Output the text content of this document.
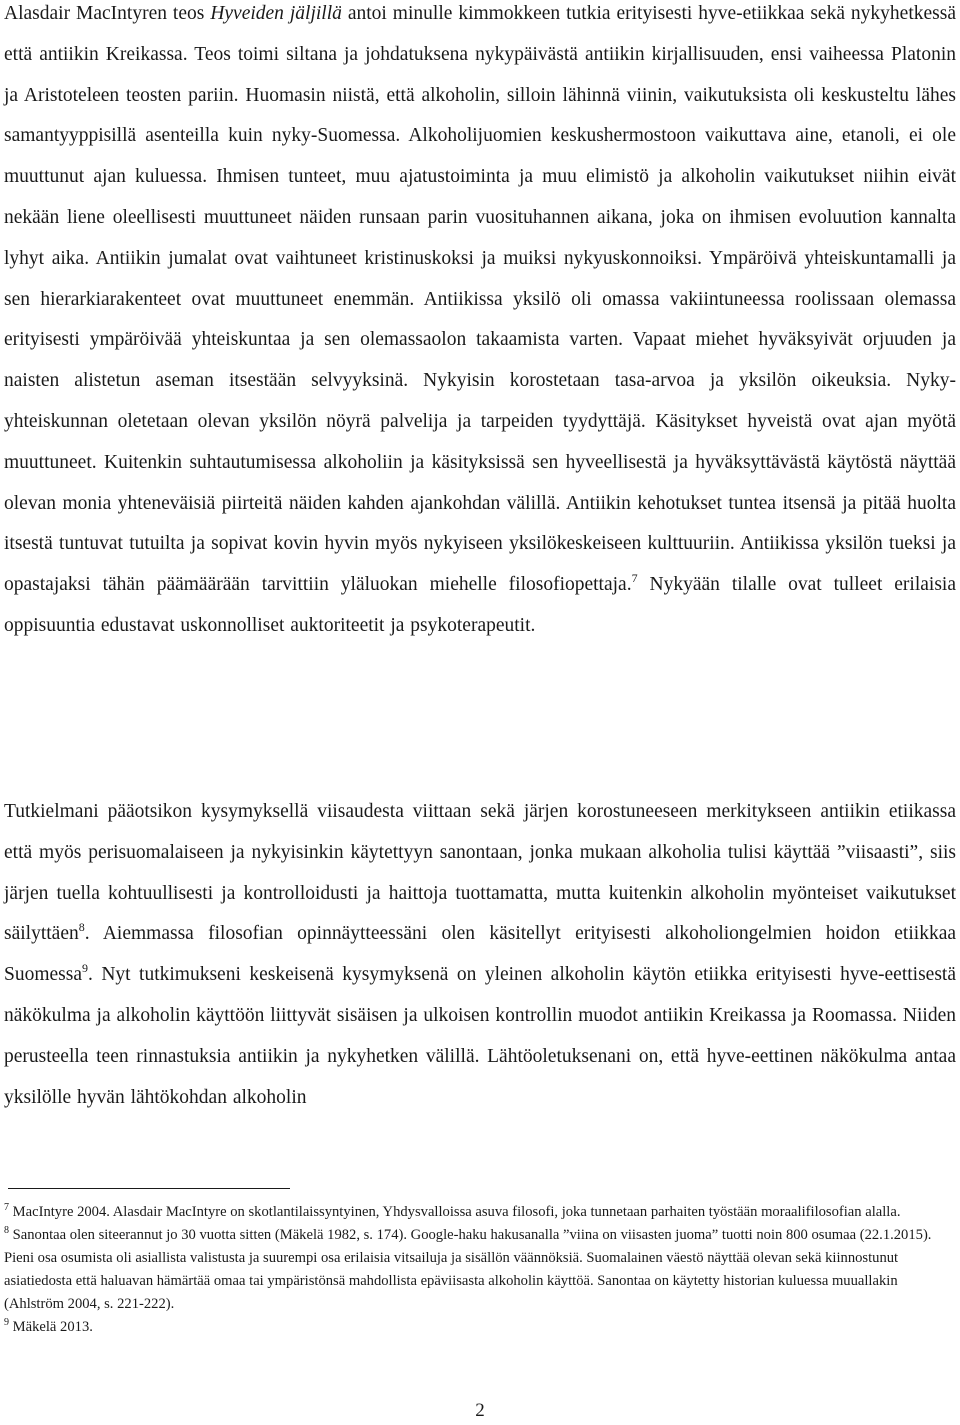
Alasdair MacIntyren teos Hyveiden jäljillä antoi minulle kimmokkeen tutkia erityisesti hyve-etiikkaa sekä nykyhetkessä että antiikin Kreikassa. Teos toimi siltana ja johdatuksena nykypäivästä antiikin kirjallisuuden, ensi vaiheessa Platonin ja Aristoteleen teosten pariin. Huomasin niistä, että alkoholin, silloin lähinnä viinin, vaikutuksista oli keskusteltu lähes samantyyppisillä asenteilla kuin nyky-Suomessa. Alkoholijuomien keskushermostoon vaikuttava aine, etanoli, ei ole muuttunut ajan kuluessa. Ihmisen tunteet, muu ajatustoiminta ja muu elimistö ja alkoholin vaikutukset niihin eivät nekään liene oleellisesti muuttuneet näiden runsaan parin vuosituhannen aikana, joka on ihmisen evoluution kannalta lyhyt aika. Antiikin jumalat ovat vaihtuneet kristinuskoksi ja muiksi nykyuskonnoiksi. Ympäröivä yhteiskuntamalli ja sen hierarkiarakenteet ovat muuttuneet enemmän. Antiikissa yksilö oli omassa vakiintuneessa roolissaan olemassa erityisesti ympäröivää yhteiskuntaa ja sen olemassaolon takaamista varten. Vapaat miehet hyväksyivät orjuuden ja naisten alistetun aseman itsestään selvyyksinä. Nykyisin korostetaan tasa-arvoa ja yksilön oikeuksia. Nyky-yhteiskunnan oletetaan olevan yksilön nöyrä palvelija ja tarpeiden tyydyttäjä. Käsitykset hyveistä ovat ajan myötä muuttuneet. Kuitenkin suhtautumisessa alkoholiin ja käsityksissä sen hyveellisestä ja hyväksyttävästä käytöstä näyttää olevan monia yhteneväisiä piirteitä näiden kahden ajankohdan välillä. Antiikin kehotukset tuntea itsensä ja pitää huolta itsestä tuntuvat tutuilta ja sopivat kovin hyvin myös nykyiseen yksilökeskeiseen kulttuuriin. Antiikissa yksilön tueksi ja opastajaksi tähän päämäärään tarvittiin yläluokan miehelle filosofiopettaja.$^7$ Nykyään tilalle ovat tulleet erilaisia oppisuuntia edustavat uskonnolliset auktoriteetit ja psykoterapeutit.

Tutkielmani pääotsikon kysymyksellä viisaudesta viittaan sekä järjen korostuneeseen merkitykseen antiikin etiikassa että myös perisuomalaiseen ja nykyisinkin käytettyyn sanontaan, jonka mukaan alkoholia tulisi käyttää ”viisaasti”, siis järjen tuella kohtuullisesti ja kontrolloidusti ja haittoja tuottamatta, mutta kuitenkin alkoholin myönteiset vaikutukset säilyttäen$^8$. Aiemmassa filosofian opinnäytteessäni olen käsitellyt erityisesti alkoholiongelmien hoidon etiikkaa Suomessa$^9$. Nyt tutkimukseni keskeisenä kysymyksenä on yleinen alkoholin käytön etiikka erityisesti hyve-eettisestä näkökulma ja alkoholin käyttöön liittyvät sisäisen ja ulkoisen kontrollin muodot antiikin Kreikassa ja Roomassa. Niiden perusteella teen rinnastuksia antiikin ja nykyhetken välillä. Lähtöoletuksenani on, että hyve-eettinen näkökulma antaa yksilölle hyvän lähtökohdan alkoholin

$^7$ MacIntyre 2004. Alasdair MacIntyre on skotlantilaissyntyinen, Yhdysvalloissa asuva filosofi, joka tunnetaan parhaiten työstään moraalifilosofian alalla.

$^8$ Sanontaa olen siteerannut jo 30 vuotta sitten (Mäkelä 1982, s. 174). Google-haku hakusanalla ”viina on viisasten juoma” tuotti noin 800 osumaa (22.1.2015). Pieni osa osumista oli asiallista valistusta ja suurempi osa erilaisia vitsailuja ja sisällön väännöksiä. Suomalainen väestö näyttää olevan sekä kiinnostunut asiatiedosta että haluavan hämärtää omaa tai ympäristönsä mahdollista epäviisasta alkoholin käyttöä. Sanontaa on käytetty historian kuluessa muuallakin (Ahlström 2004, s. 221-222).

$^9$ Mäkelä 2013.

2
